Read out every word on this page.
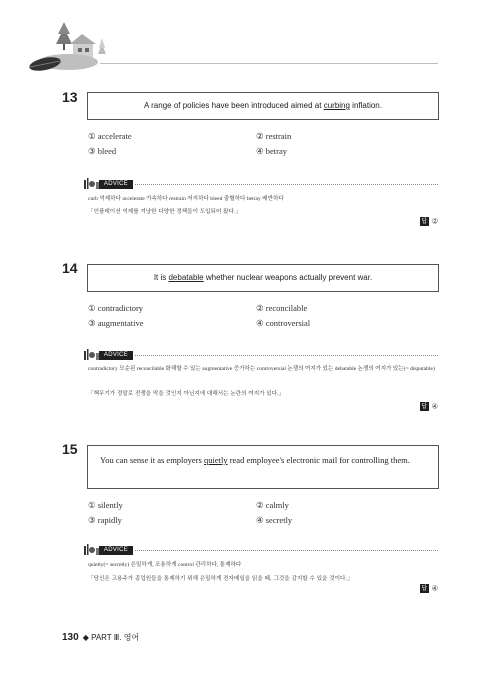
13
A range of policies have been introduced aimed at curbing inflation.
① accelerate	② restrain
③ bleed	④ betray
ADVICE
curb 억제하다 accelerate 가속하다 restrain 저지하다 bleed 출혈하다 betray 배반하다
「인플레이션 억제를 겨냥한 다양한 정책들이 도입되어 왔다.」
답 ②
14
It is debatable whether nuclear weapons actually prevent war.
① contradictory	② reconcilable
③ augmentative	④ controversial
ADVICE
contradictory 모순된 reconcilable 화해할 수 있는 augmentative 증가하는 controversial 논쟁의 여지가 있는 debatable 논쟁의 여지가 있는(= disputable)
「핵무기가 정말로 전쟁을 막을 것인지 아닌지에 대해서는 논란의 여지가 있다.」
답 ④
15
You can sense it as employers quietly read employee's electronic mail for controlling them.
① silently	② calmly
③ rapidly	④ secretly
ADVICE
quietly(= secretly) 은밀하게, 조용하게 control 관리하다, 통제하다
「당신은 고용주가 종업원들을 통제하기 위해 은밀하게 전자메일을 읽을 때, 그것을 감지할 수 있을 것이다.」
답 ④
130 ◆ PART Ⅲ. 영어
